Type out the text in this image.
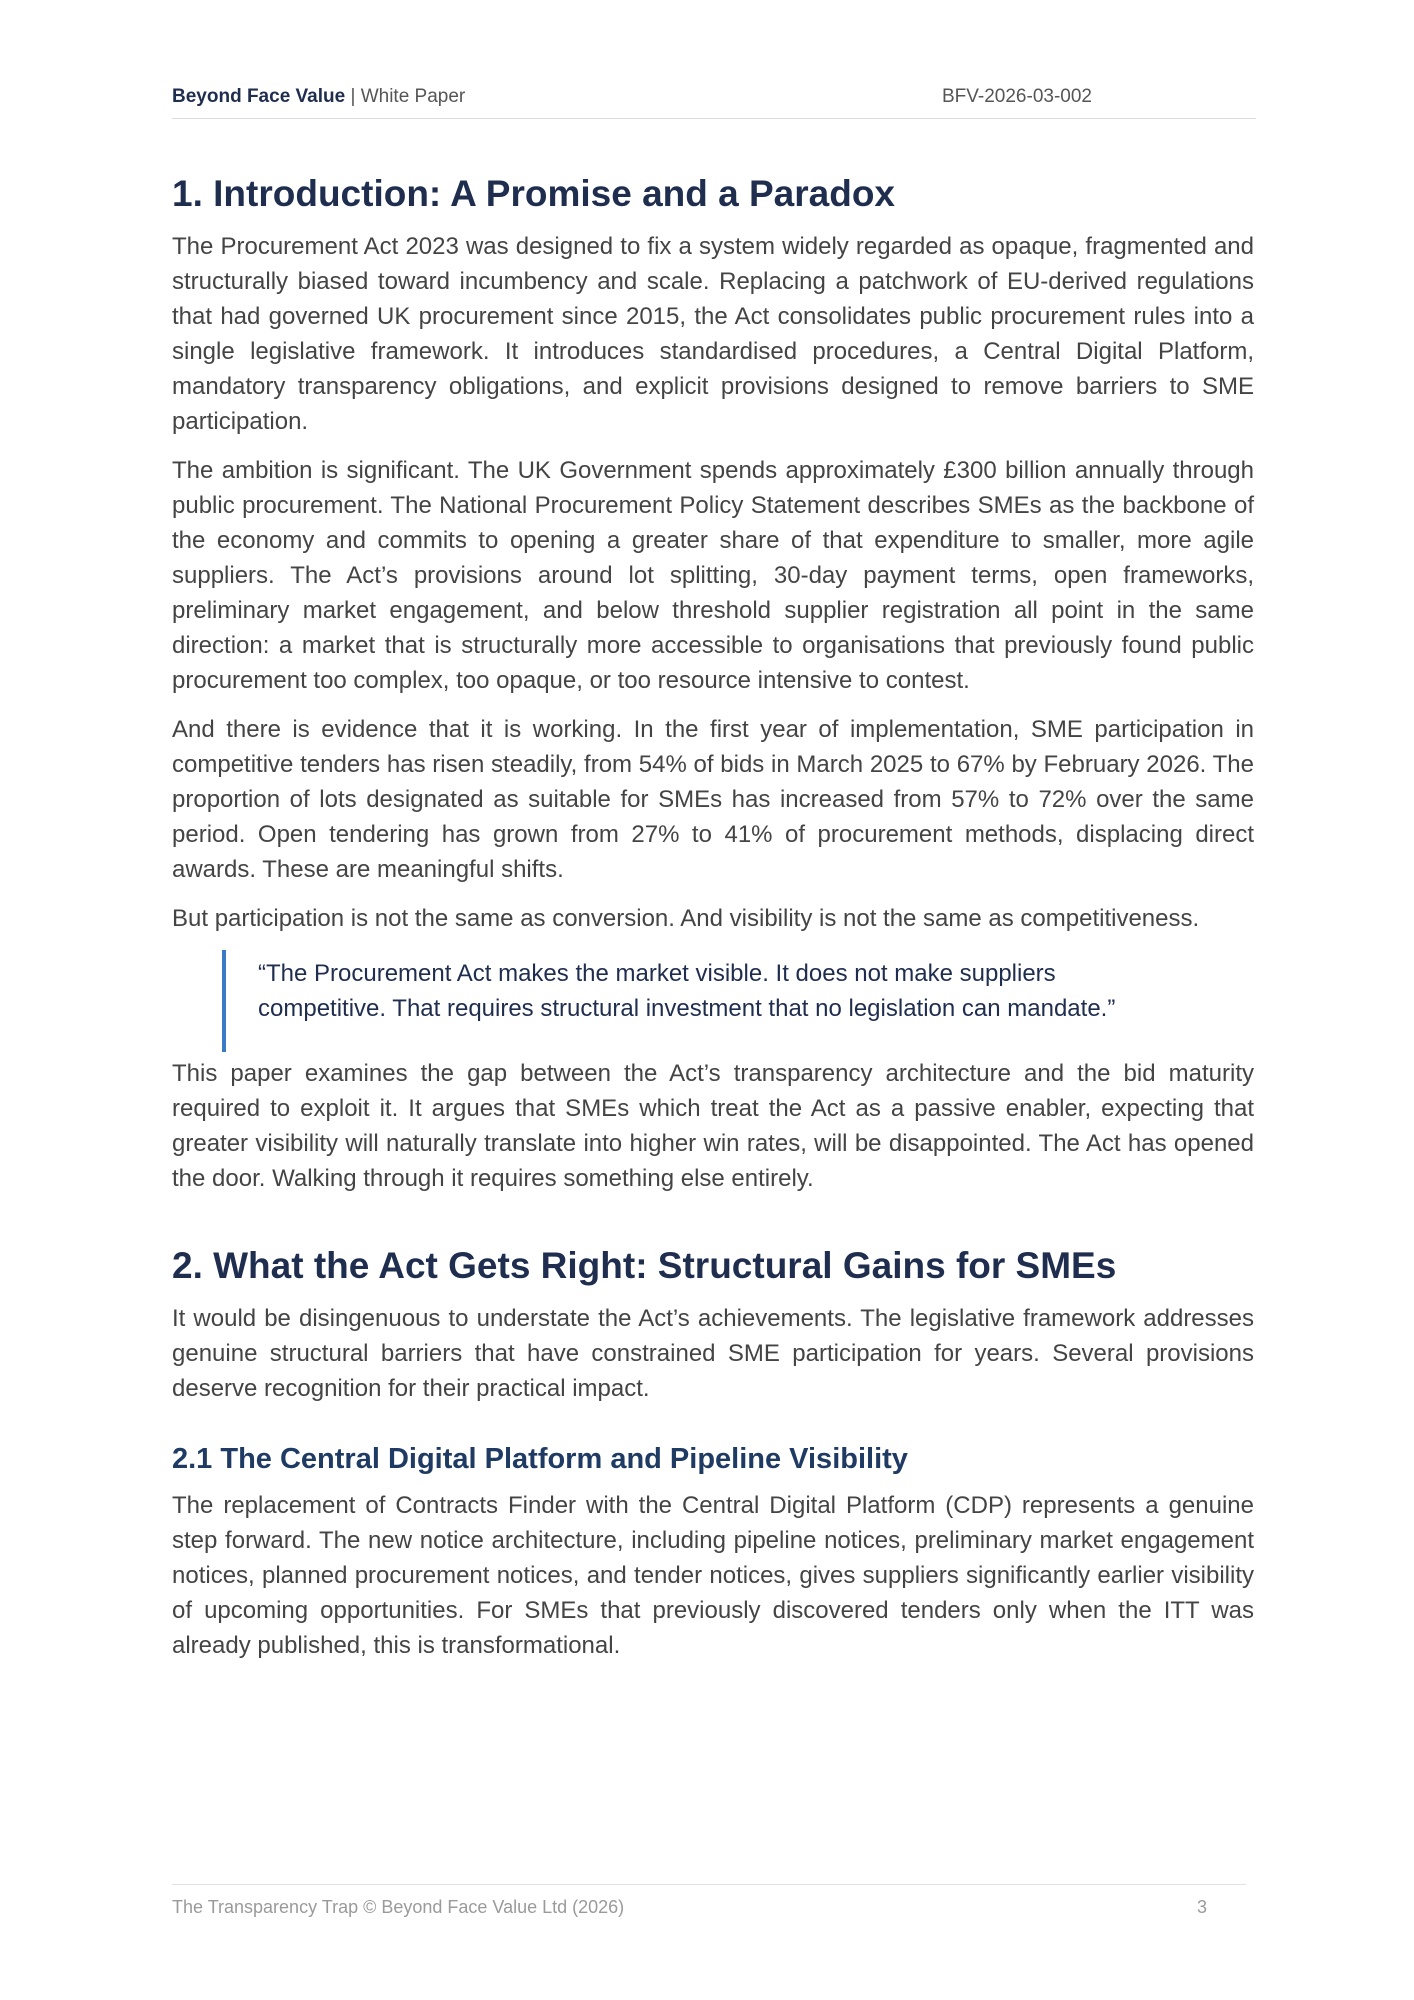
Beyond Face Value | White Paper	BFV-2026-03-002
1. Introduction: A Promise and a Paradox

The Procurement Act 2023 was designed to fix a system widely regarded as opaque, fragmented and structurally biased toward incumbency and scale. Replacing a patchwork of EU-derived regulations that had governed UK procurement since 2015, the Act consolidates public procurement rules into a single legislative framework. It introduces standardised procedures, a Central Digital Platform, mandatory transparency obligations, and explicit provisions designed to remove barriers to SME participation.

The ambition is significant. The UK Government spends approximately £300 billion annually through public procurement. The National Procurement Policy Statement describes SMEs as the backbone of the economy and commits to opening a greater share of that expenditure to smaller, more agile suppliers. The Act’s provisions around lot splitting, 30-day payment terms, open frameworks, preliminary market engagement, and below threshold supplier registration all point in the same direction: a market that is structurally more accessible to organisations that previously found public procurement too complex, too opaque, or too resource intensive to contest.

And there is evidence that it is working. In the first year of implementation, SME participation in competitive tenders has risen steadily, from 54% of bids in March 2025 to 67% by February 2026. The proportion of lots designated as suitable for SMEs has increased from 57% to 72% over the same period. Open tendering has grown from 27% to 41% of procurement methods, displacing direct awards. These are meaningful shifts.

But participation is not the same as conversion. And visibility is not the same as competitiveness.

“The Procurement Act makes the market visible. It does not make suppliers competitive. That requires structural investment that no legislation can mandate.”

This paper examines the gap between the Act’s transparency architecture and the bid maturity required to exploit it. It argues that SMEs which treat the Act as a passive enabler, expecting that greater visibility will naturally translate into higher win rates, will be disappointed. The Act has opened the door. Walking through it requires something else entirely.

2. What the Act Gets Right: Structural Gains for SMEs

It would be disingenuous to understate the Act’s achievements. The legislative framework addresses genuine structural barriers that have constrained SME participation for years. Several provisions deserve recognition for their practical impact.

2.1 The Central Digital Platform and Pipeline Visibility

The replacement of Contracts Finder with the Central Digital Platform (CDP) represents a genuine step forward. The new notice architecture, including pipeline notices, preliminary market engagement notices, planned procurement notices, and tender notices, gives suppliers significantly earlier visibility of upcoming opportunities. For SMEs that previously discovered tenders only when the ITT was already published, this is transformational.

The Transparency Trap © Beyond Face Value Ltd (2026)	3
